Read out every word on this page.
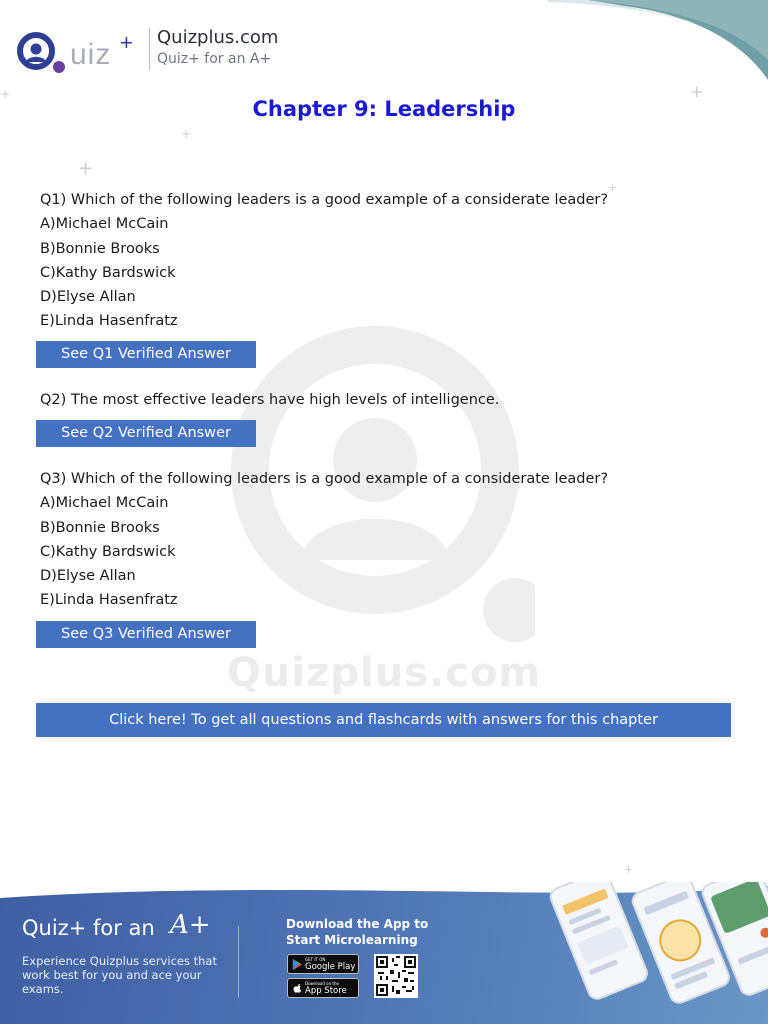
uiz + Quizplus.com
Quiz+ for an A+
+
+
+
+
+
+
Chapter 9: Leadership
Quizplus.com
Q1) Which of the following leaders is a good example of a considerate leader?
A)Michael McCain
B)Bonnie Brooks
C)Kathy Bardswick
D)Elyse Allan
E)Linda Hasenfratz
See Q1 Verified Answer
Q2) The most effective leaders have high levels of intelligence.
See Q2 Verified Answer
Q3) Which of the following leaders is a good example of a considerate leader?
A)Michael McCain
B)Bonnie Brooks
C)Kathy Bardswick
D)Elyse Allan
E)Linda Hasenfratz
See Q3 Verified Answer
Click here! To get all questions and flashcards with answers for this chapter
Quiz+ for an A+
Experience Quizplus services that work best for you and ace your exams.
Download the App to Start Microlearning
GET IT ON
Google Play
Download on the
App Store
